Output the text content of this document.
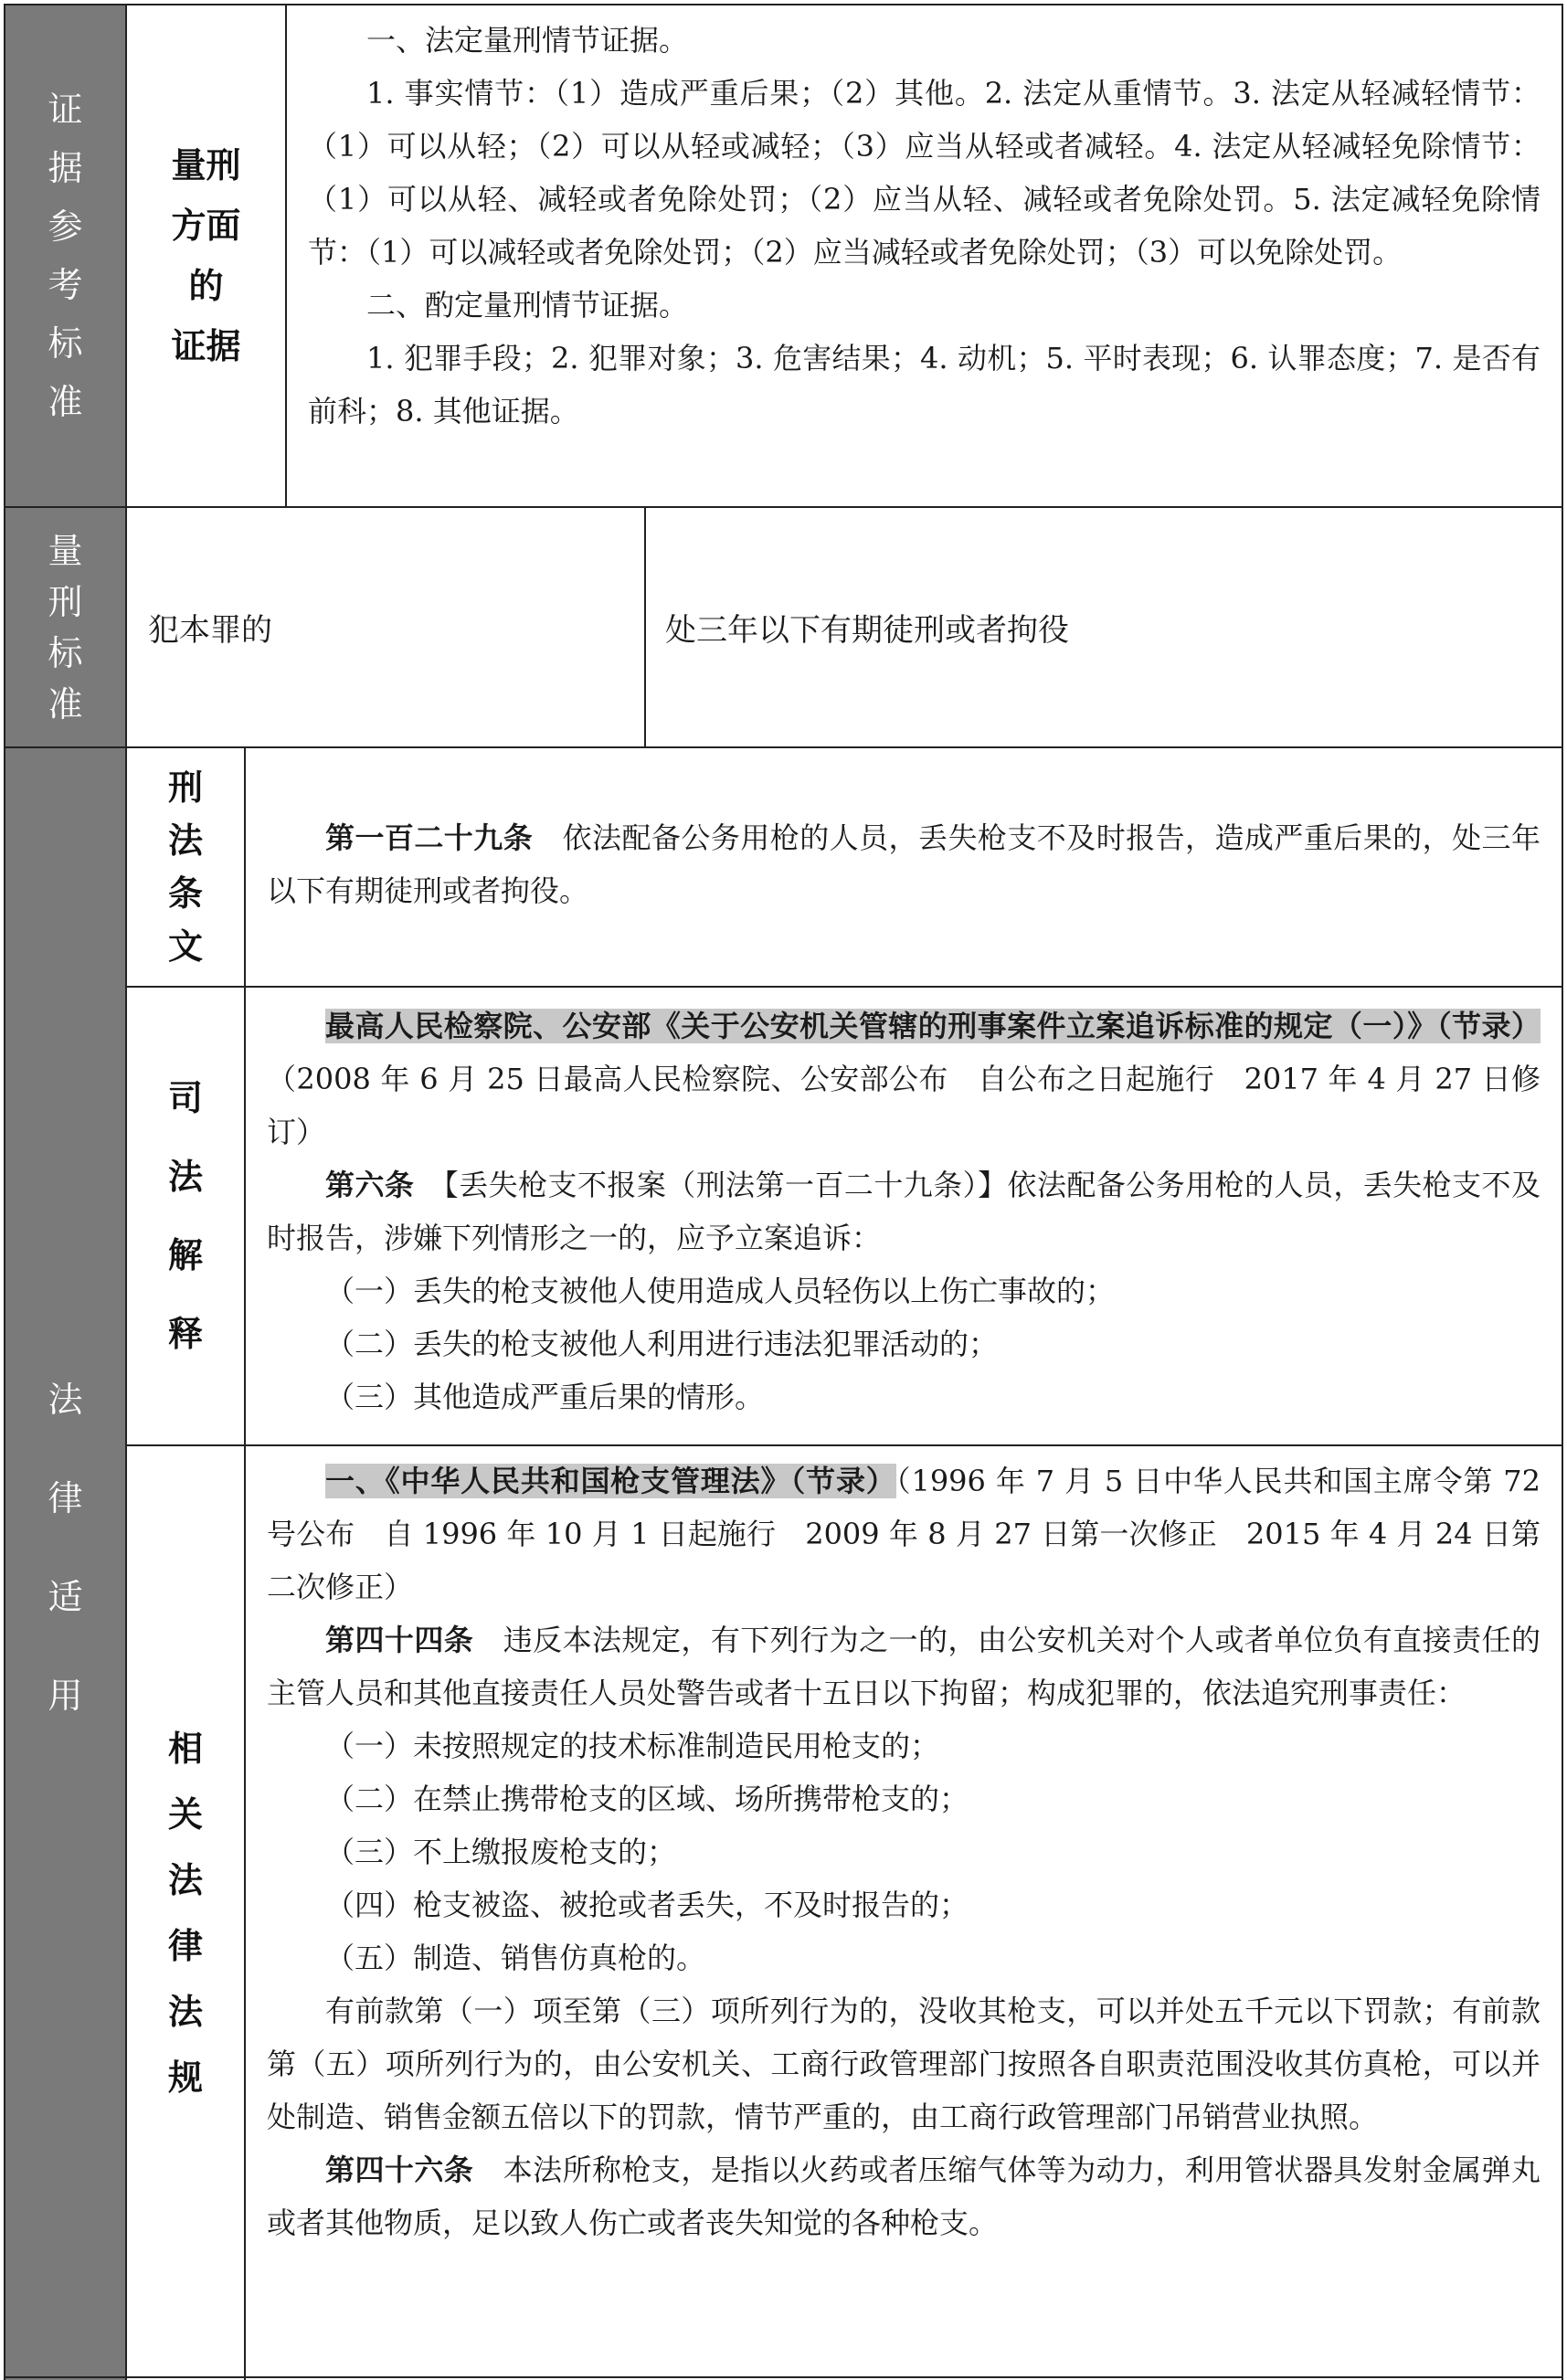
证
据
参
考
标
准
量刑
方面
的
证据

一、法定量刑情节证据。

1. 事实情节：（1）造成严重后果；（2）其他。2. 法定从重情节。3. 法定从轻减轻情节：（1）可以从轻；（2）可以从轻或减轻；（3）应当从轻或者减轻。4. 法定从轻减轻免除情节：（1）可以从轻、减轻或者免除处罚；（2）应当从轻、减轻或者免除处罚。5. 法定减轻免除情节：（1）可以减轻或者免除处罚；（2）应当减轻或者免除处罚；（3）可以免除处罚。

二、酌定量刑情节证据。

1. 犯罪手段；2. 犯罪对象；3. 危害结果；4. 动机；5. 平时表现；6. 认罪态度；7. 是否有前科；8. 其他证据。

量
刑
标
准
犯本罪的	处三年以下有期徒刑或者拘役
法
律
适
用
刑
法
条
文

第一百二十九条　 依法配备公务用枪的人员，丢失枪支不及时报告，造成严重后果的，处三年以下有期徒刑或者拘役。

司
法
解
释

最高人民检察院、公安部《关于公安机关管辖的刑事案件立案追诉标准的规定（一）》（节录）（2008 年 6 月 25 日最高人民检察院、公安部公布　自公布之日起施行　2017 年 4 月 27 日修订）

第六条　 【丢失枪支不报案（刑法第一百二十九条）】依法配备公务用枪的人员，丢失枪支不及时报告，涉嫌下列情形之一的，应予立案追诉：

（一）丢失的枪支被他人使用造成人员轻伤以上伤亡事故的；

（二）丢失的枪支被他人利用进行违法犯罪活动的；

（三）其他造成严重后果的情形。

相
关
法
律
法
规

一、《中华人民共和国枪支管理法》（节录）（1996 年 7 月 5 日中华人民共和国主席令第 72 号公布　自 1996 年 10 月 1 日起施行　2009 年 8 月 27 日第一次修正　2015 年 4 月 24 日第二次修正）

第四十四条　 违反本法规定，有下列行为之一的，由公安机关对个人或者单位负有直接责任的主管人员和其他直接责任人员处警告或者十五日以下拘留；构成犯罪的，依法追究刑事责任：

（一）未按照规定的技术标准制造民用枪支的；

（二）在禁止携带枪支的区域、场所携带枪支的；

（三）不上缴报废枪支的；

（四）枪支被盗、被抢或者丢失，不及时报告的；

（五）制造、销售仿真枪的。

有前款第（一）项至第（三）项所列行为的，没收其枪支，可以并处五千元以下罚款；有前款第（五）项所列行为的，由公安机关、工商行政管理部门按照各自职责范围没收其仿真枪，可以并处制造、销售金额五倍以下的罚款，情节严重的，由工商行政管理部门吊销营业执照。

第四十六条　 本法所称枪支，是指以火药或者压缩气体等为动力，利用管状器具发射金属弹丸或者其他物质，足以致人伤亡或者丧失知觉的各种枪支。
